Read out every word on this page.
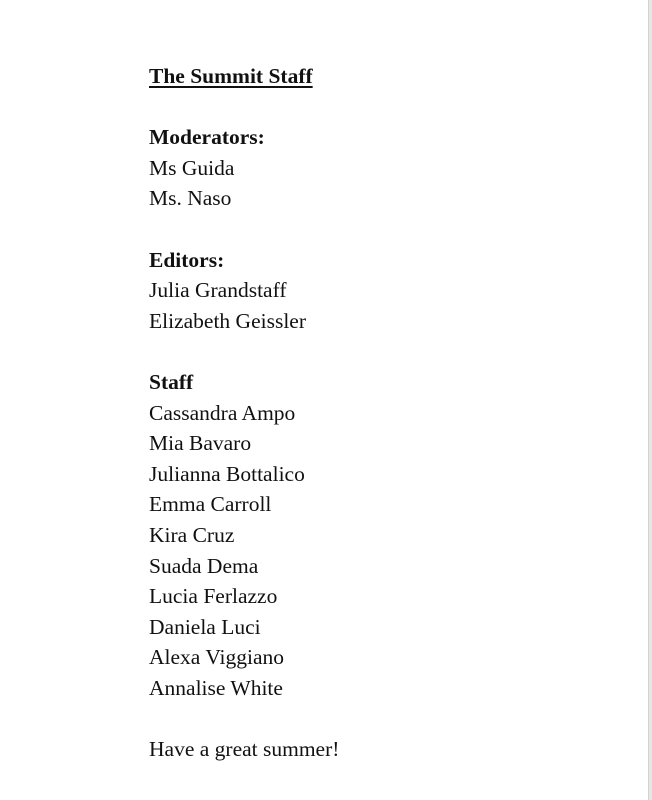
The Summit Staff
Moderators:
Ms Guida
Ms. Naso
Editors:
Julia Grandstaff
Elizabeth Geissler
Staff
Cassandra Ampo
Mia Bavaro
Julianna Bottalico
Emma Carroll
Kira Cruz
Suada Dema
Lucia Ferlazzo
Daniela Luci
Alexa Viggiano
Annalise White
Have a great summer!
